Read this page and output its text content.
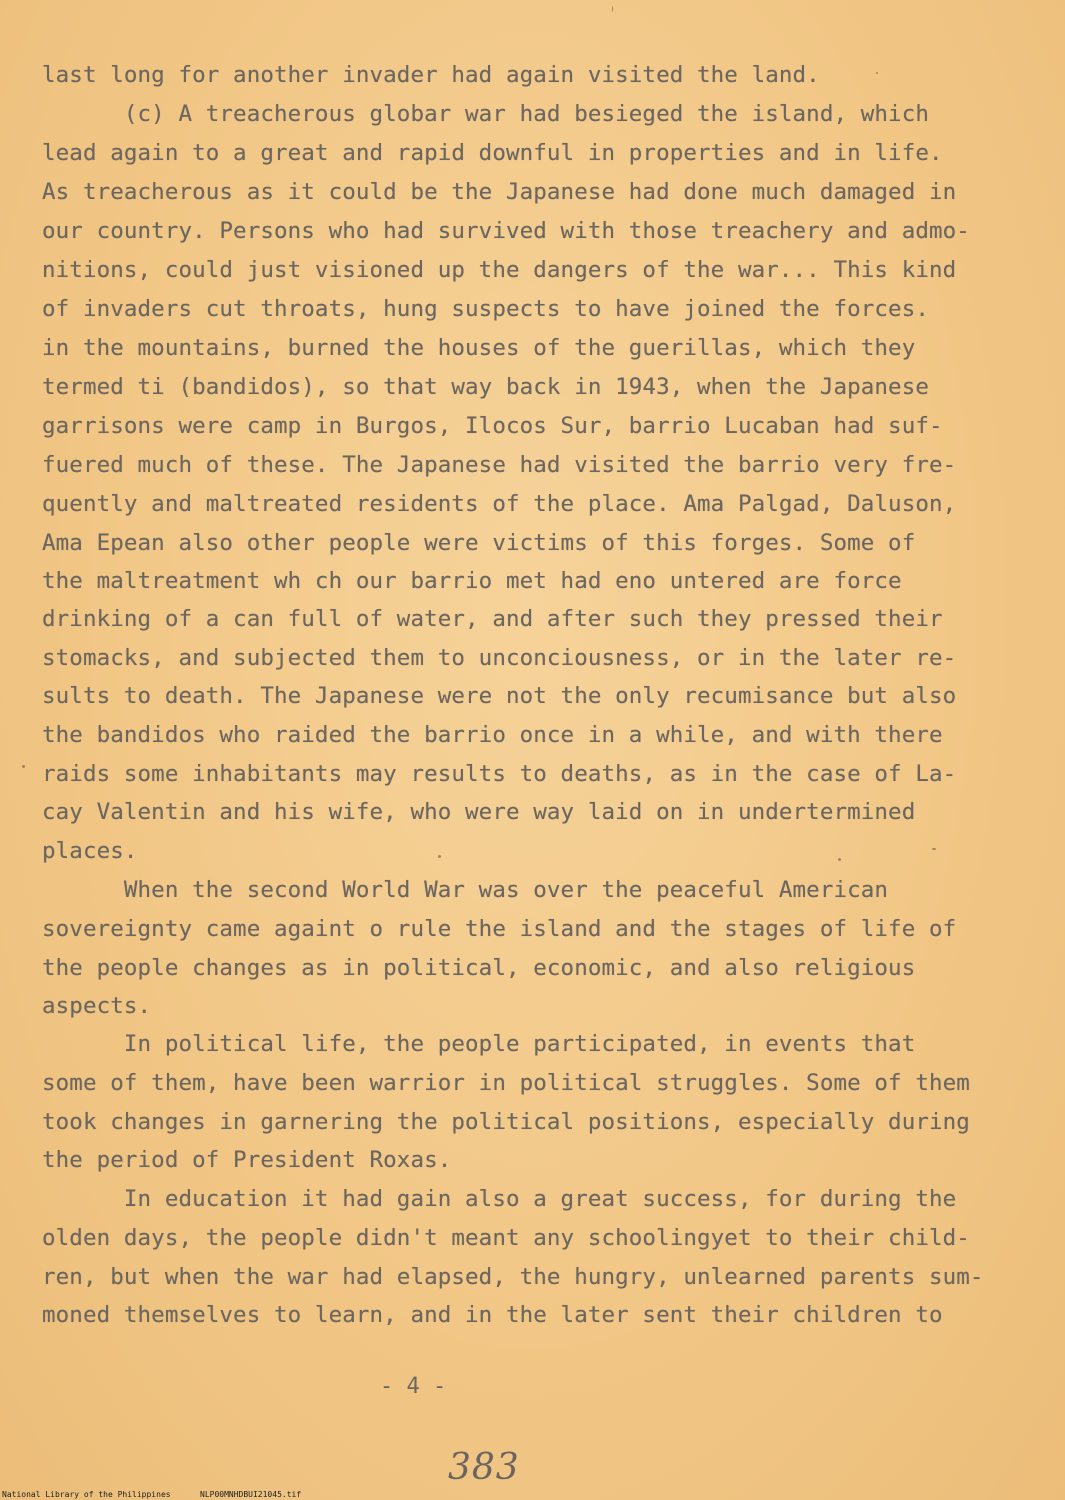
last long for another invader had again visited the land.
(c) A treacherous globar war had besieged the island, which
lead again to a great and rapid downful in properties and in life.
As treacherous as it could be the Japanese had done much damaged in
our country. Persons who had survived with those treachery and admo-
nitions, could just visioned up the dangers of the war... This kind
of invaders cut throats, hung suspects to have joined the forces.
in the mountains, burned the houses of the guerillas, which they
termed ti (bandidos), so that way back in 1943, when the Japanese
garrisons were camp in Burgos, Ilocos Sur, barrio Lucaban had suf-
fuered much of these. The Japanese had visited the barrio very fre-
quently and maltreated residents of the place. Ama Palgad, Daluson,
Ama Epean also other people were victims of this forges. Some of
the maltreatment wh ch our barrio met had eno untered are force
drinking of a can full of water, and after such they pressed their
stomacks, and subjected them to unconciousness, or in the later re-
sults to death. The Japanese were not the only recumisance but also
the bandidos who raided the barrio once in a while, and with there
raids some inhabitants may results to deaths, as in the case of La-
cay Valentin and his wife, who were way laid on in undertermined
places.
When the second World War was over the peaceful American
sovereignty came againt o rule the island and the stages of life of
the people changes as in political, economic, and also religious
aspects.
In political life, the people participated, in events that
some of them, have been warrior in political struggles. Some of them
took changes in garnering the political positions, especially during
the period of President Roxas.
In education it had gain also a great success, for during the
olden days, the people didn't meant any schoolingyet to their child-
ren, but when the war had elapsed, the hungry, unlearned parents sum-
moned themselves to learn, and in the later sent their children to
- 4 -
383
National Library of the Philippines	NLP00MNHDBUI21045.tif
